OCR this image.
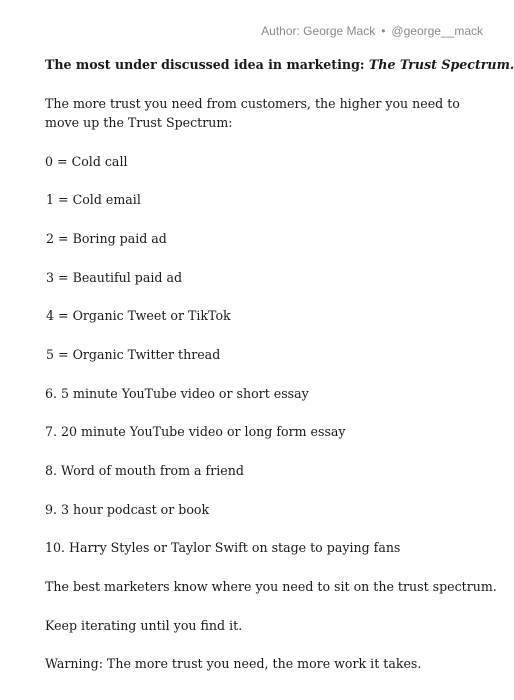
Author: George Mack • @george__mack

The most under discussed idea in marketing: The Trust Spectrum.

The more trust you need from customers, the higher you need to move up the Trust Spectrum:

0 = Cold call
1 = Cold email
2 = Boring paid ad
3 = Beautiful paid ad
4 = Organic Tweet or TikTok
5 = Organic Twitter thread
6. 5 minute YouTube video or short essay
7. 20 minute YouTube video or long form essay
8. Word of mouth from a friend
9. 3 hour podcast or book
10. Harry Styles or Taylor Swift on stage to paying fans

The best marketers know where you need to sit on the trust spectrum.

Keep iterating until you find it.

Warning: The more trust you need, the more work it takes.
